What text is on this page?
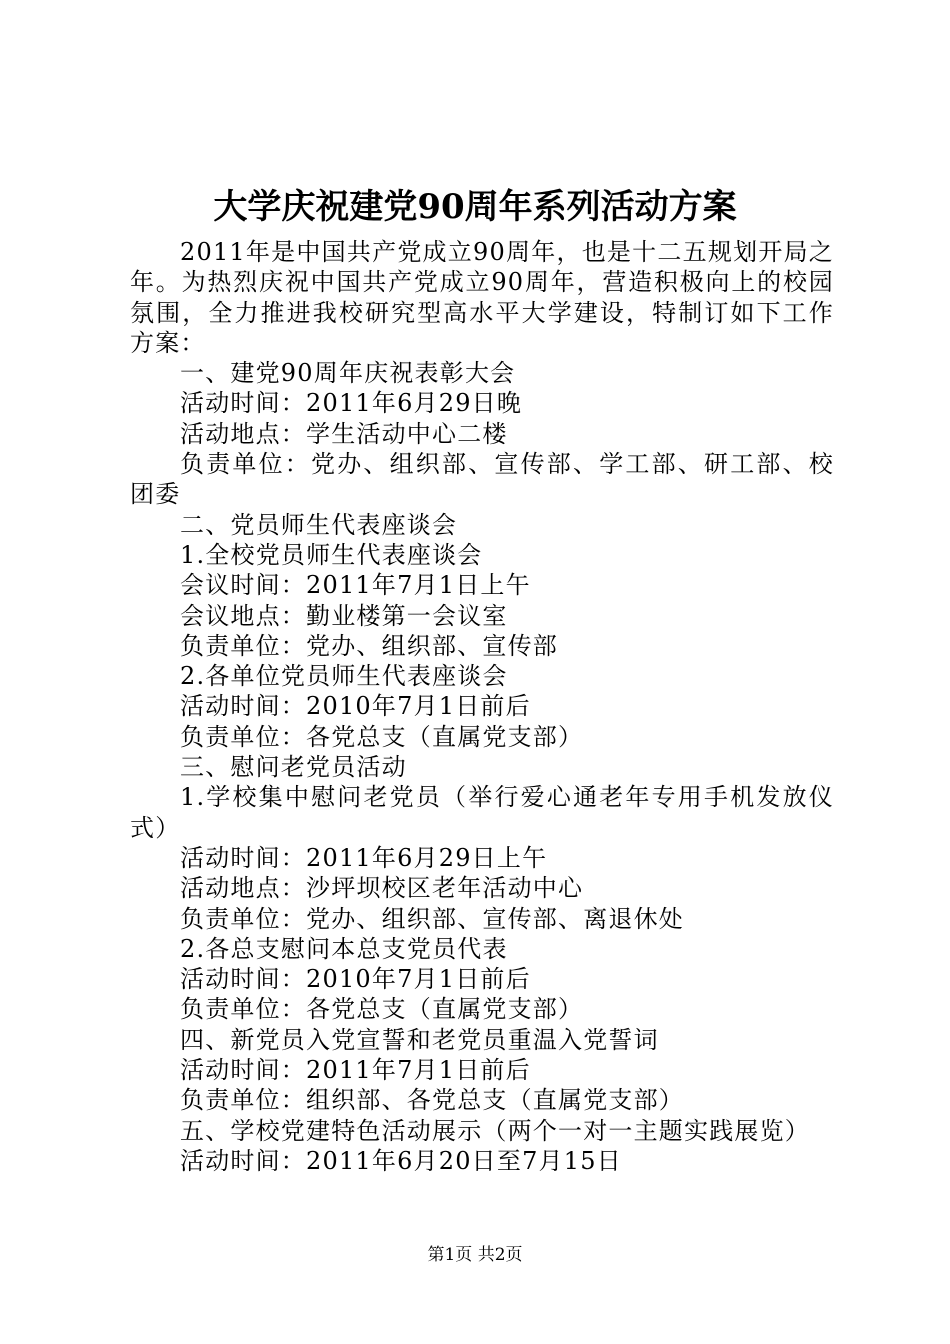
大学庆祝建党90周年系列活动方案

2011年是中国共产党成立90周年，也是十二五规划开局之年。为热烈庆祝中国共产党成立90周年，营造积极向上的校园氛围，全力推进我校研究型高水平大学建设，特制订如下工作方案：

一、建党90周年庆祝表彰大会

活动时间：2011年6月29日晚

活动地点：学生活动中心二楼

负责单位：党办、组织部、宣传部、学工部、研工部、校团委

二、党员师生代表座谈会

1.全校党员师生代表座谈会

会议时间：2011年7月1日上午

会议地点：勤业楼第一会议室

负责单位：党办、组织部、宣传部

2.各单位党员师生代表座谈会

活动时间：2010年7月1日前后

负责单位：各党总支（直属党支部）

三、慰问老党员活动

1.学校集中慰问老党员（举行爱心通老年专用手机发放仪式）

活动时间：2011年6月29日上午

活动地点：沙坪坝校区老年活动中心

负责单位：党办、组织部、宣传部、离退休处

2.各总支慰问本总支党员代表

活动时间：2010年7月1日前后

负责单位：各党总支（直属党支部）

四、新党员入党宣誓和老党员重温入党誓词

活动时间：2011年7月1日前后

负责单位：组织部、各党总支（直属党支部）

五、学校党建特色活动展示（两个一对一主题实践展览）

活动时间：2011年6月20日至7月15日

第1页 共2页
